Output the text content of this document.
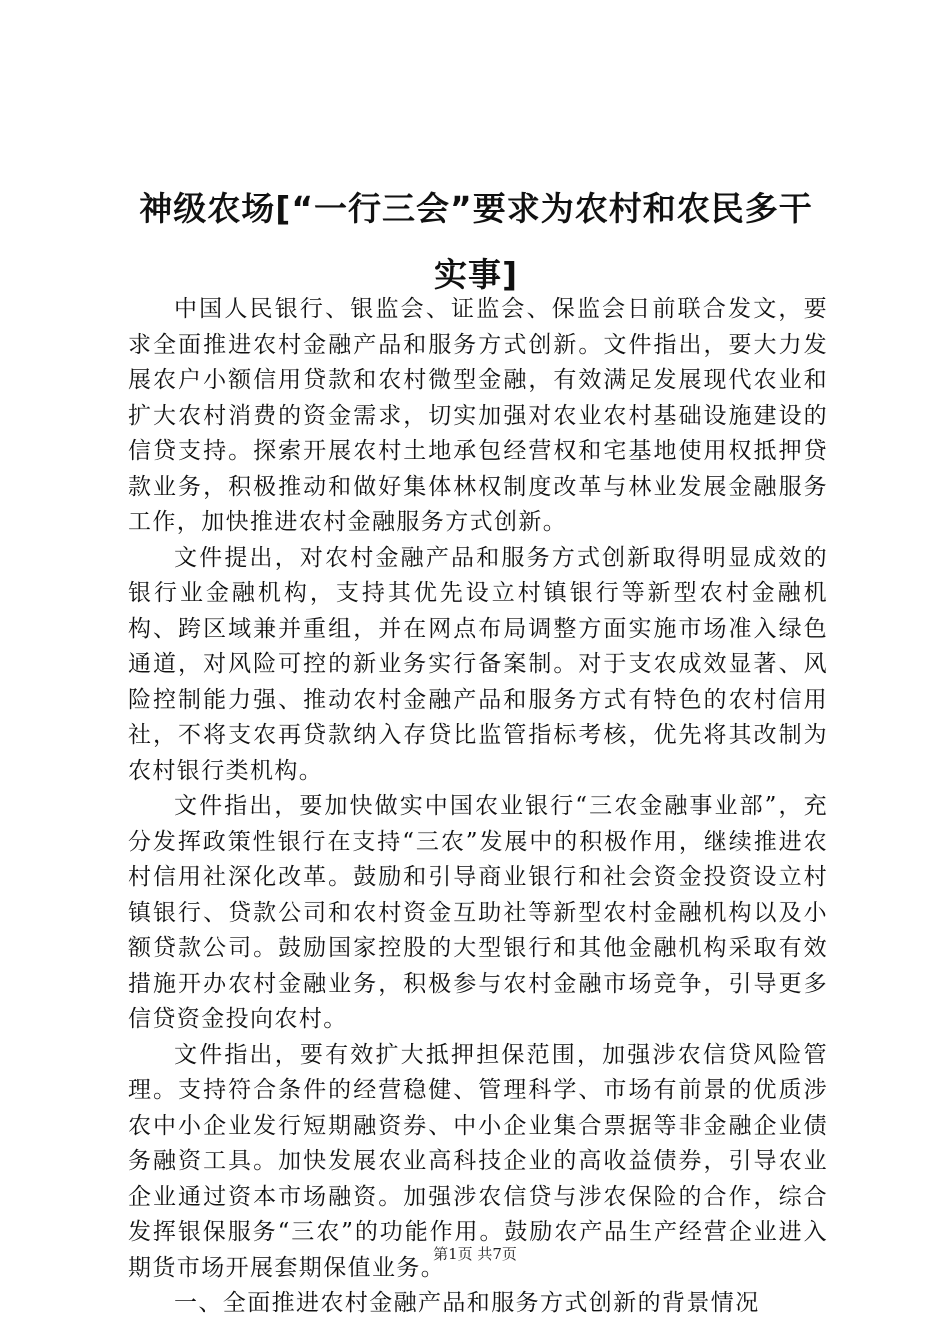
神级农场[“一行三会”要求为农村和农民多干实事]

中国人民银行、银监会、证监会、保监会日前联合发文，要求全面推进农村金融产品和服务方式创新。文件指出，要大力发展农户小额信用贷款和农村微型金融，有效满足发展现代农业和扩大农村消费的资金需求，切实加强对农业农村基础设施建设的信贷支持。探索开展农村土地承包经营权和宅基地使用权抵押贷款业务，积极推动和做好集体林权制度改革与林业发展金融服务工作，加快推进农村金融服务方式创新。

文件提出，对农村金融产品和服务方式创新取得明显成效的银行业金融机构，支持其优先设立村镇银行等新型农村金融机构、跨区域兼并重组，并在网点布局调整方面实施市场准入绿色通道，对风险可控的新业务实行备案制。对于支农成效显著、风险控制能力强、推动农村金融产品和服务方式有特色的农村信用社，不将支农再贷款纳入存贷比监管指标考核，优先将其改制为农村银行类机构。

文件指出，要加快做实中国农业银行“三农金融事业部”，充分发挥政策性银行在支持“三农”发展中的积极作用，继续推进农村信用社深化改革。鼓励和引导商业银行和社会资金投资设立村镇银行、贷款公司和农村资金互助社等新型农村金融机构以及小额贷款公司。鼓励国家控股的大型银行和其他金融机构采取有效措施开办农村金融业务，积极参与农村金融市场竞争，引导更多信贷资金投向农村。

文件指出，要有效扩大抵押担保范围，加强涉农信贷风险管理。支持符合条件的经营稳健、管理科学、市场有前景的优质涉农中小企业发行短期融资券、中小企业集合票据等非金融企业债务融资工具。加快发展农业高科技企业的高收益债券，引导农业企业通过资本市场融资。加强涉农信贷与涉农保险的合作，综合发挥银保服务“三农”的功能作用。鼓励农产品生产经营企业进入期货市场开展套期保值业务。

一、全面推进农村金融产品和服务方式创新的背景情况

第1页 共7页
